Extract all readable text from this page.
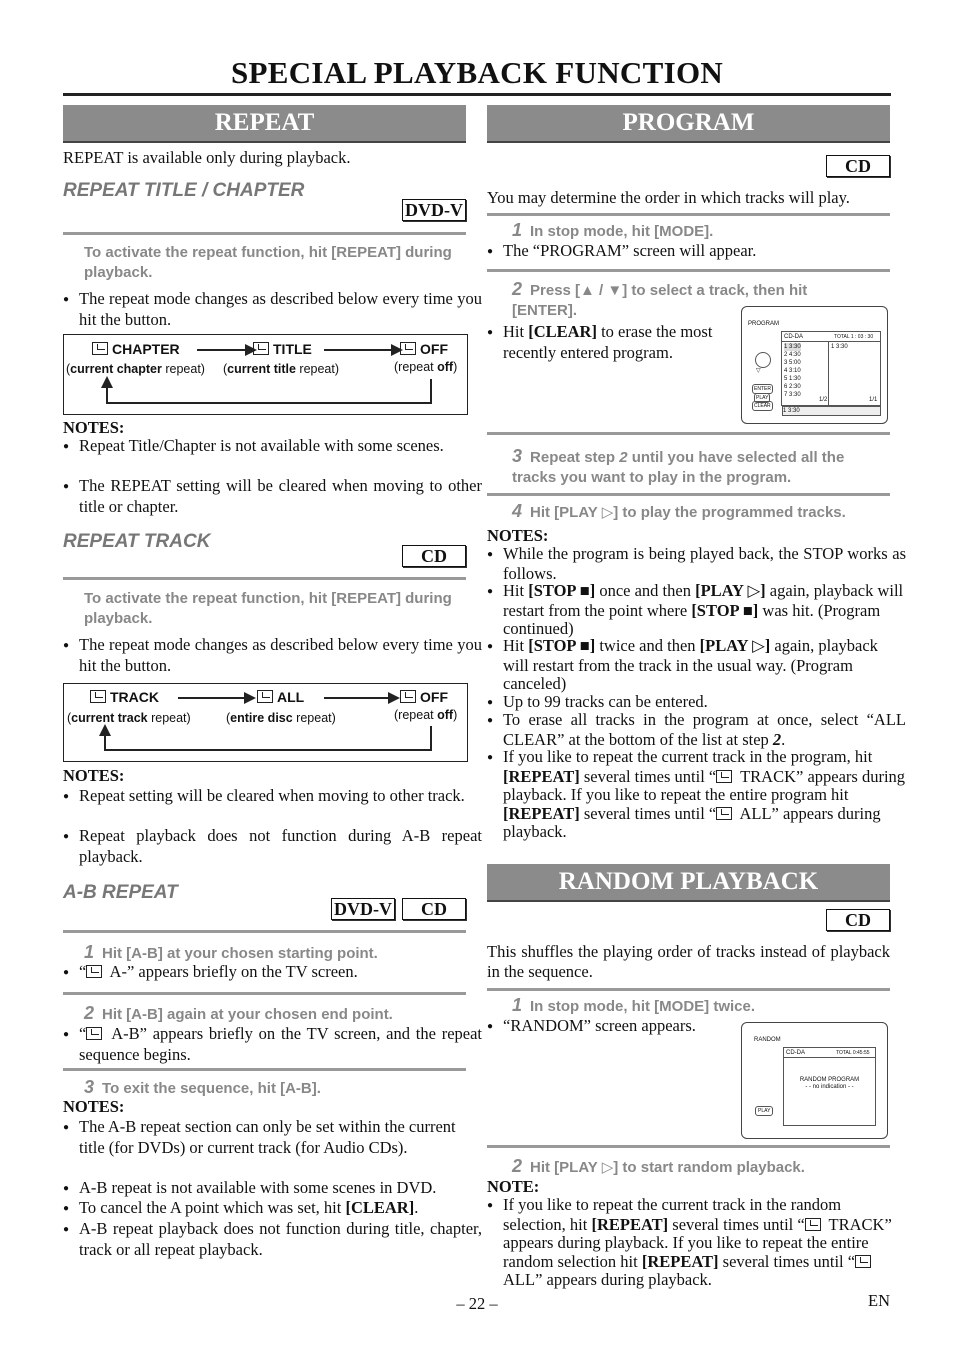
SPECIAL PLAYBACK FUNCTION
REPEAT
REPEAT is available only during playback.
REPEAT TITLE / CHAPTER
DVD-V
To activate the repeat function, hit [REPEAT] during playback.
● The repeat mode changes as described below every time you hit the button.
CHAPTER	TITLE	OFF
(current chapter repeat) (current title repeat)	(repeat off)
NOTES:
● Repeat Title/Chapter is not available with some scenes.
● The REPEAT setting will be cleared when moving to other title or chapter.
REPEAT TRACK
CD
To activate the repeat function, hit [REPEAT] during playback.
● The repeat mode changes as described below every time you hit the button.
TRACK	ALL	OFF
(current track repeat)	(entire disc repeat)	(repeat off)
NOTES:
● Repeat setting will be cleared when moving to other track.
● Repeat playback does not function during A-B repeat playback.
A-B REPEAT
DVD-V	CD
1 Hit [A-B] at your chosen starting point.
● “ A-” appears briefly on the TV screen.
2 Hit [A-B] again at your chosen end point.
● “ A-B” appears briefly on the TV screen, and the repeat sequence begins.
3 To exit the sequence, hit [A-B].
NOTES:
● The A-B repeat section can only be set within the current title (for DVDs) or current track (for Audio CDs).
● A-B repeat is not available with some scenes in DVD.
● To cancel the A point which was set, hit [CLEAR].
● A-B repeat playback does not function during title, chapter, track or all repeat playback.
PROGRAM
CD
You may determine the order in which tracks will play.
1 In stop mode, hit [MODE].
● The “PROGRAM” screen will appear.
2 Press [▲ / ▼] to select a track, then hit [ENTER].
● Hit [CLEAR] to erase the most recently entered program.
PROGRAM
CD-DA	TOTAL 1 : 03 : 30
1 3:30
2 4:30
3 5:00
4 3:10
5 1:30
6 2:30
7 3:30
1 3:30
1/2	1/1
1 3:30
▽
ENTER
PLAY
CLEAR
3 Repeat step 2 until you have selected all the tracks you want to play in the program.
4 Hit [PLAY ▷] to play the programmed tracks.
NOTES:
● While the program is being played back, the STOP works as follows.
● Hit [STOP ■] once and then [PLAY ▷] again, playback will restart from the point where [STOP ■] was hit. (Program continued)
● Hit [STOP ■] twice and then [PLAY ▷] again, playback will restart from the track in the usual way. (Program canceled)
● Up to 99 tracks can be entered.
● To erase all tracks in the program at once, select “ALL CLEAR” at the bottom of the list at step 2.
● If you like to repeat the current track in the program, hit [REPEAT] several times until “ TRACK” appears during playback. If you like to repeat the entire program hit [REPEAT] several times until “ ALL” appears during playback.
RANDOM PLAYBACK
CD
This shuffles the playing order of tracks instead of playback in the sequence.
1 In stop mode, hit [MODE] twice.
● “RANDOM” screen appears.
RANDOM
CD-DA	TOTAL 0:45:55
RANDOM PROGRAM
- - no indication - -
PLAY
2 Hit [PLAY ▷] to start random playback.
NOTE:
● If you like to repeat the current track in the random selection, hit [REPEAT] several times until “ TRACK” appears during playback. If you like to repeat the entire random selection hit [REPEAT] several times until “ ALL” appears during playback.
– 22 –	EN
